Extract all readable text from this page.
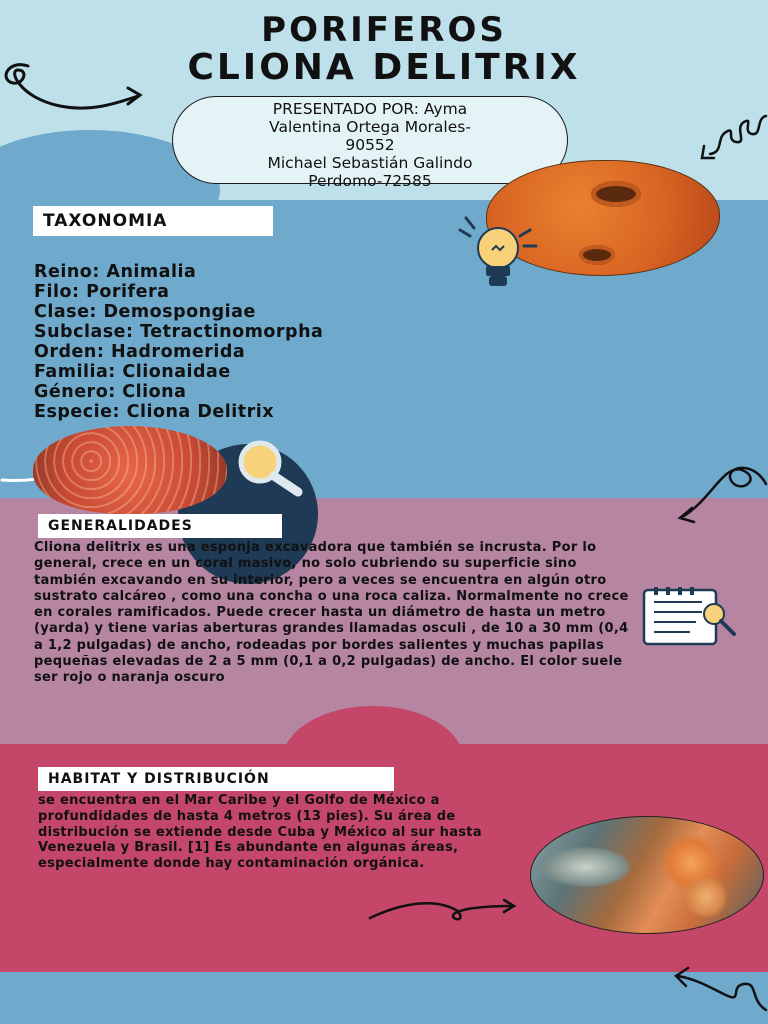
PORIFEROS
CLIONA DELITRIX
PRESENTADO POR: Ayma
Valentina Ortega Morales-
90552
Michael Sebastián Galindo
Perdomo-72585
TAXONOMIA
Reino: Animalia
Filo: Porifera
Clase: Demospongiae
Subclase: Tetractinomorpha
Orden: Hadromerida
Familia: Clionaidae
Género: Cliona
Especie: Cliona Delitrix
GENERALIDADES
Cliona delitrix es una esponja excavadora que también se incrusta. Por lo general, crece en un coral masivo, no solo cubriendo su superficie sino también excavando en su interior, pero a veces se encuentra en algún otro sustrato calcáreo , como una concha o una roca caliza. Normalmente no crece en corales ramificados. Puede crecer hasta un diámetro de hasta un metro (yarda) y tiene varias aberturas grandes llamadas osculi , de 10 a 30 mm (0,4 a 1,2 pulgadas) de ancho, rodeadas por bordes salientes y muchas papilas pequeñas elevadas de 2 a 5 mm (0,1 a 0,2 pulgadas) de ancho. El color suele ser rojo o naranja oscuro
HABITAT Y DISTRIBUCIÓN
se encuentra en el Mar Caribe y el Golfo de México a profundidades de hasta 4 metros (13 pies). Su área de distribución se extiende desde Cuba y México al sur hasta Venezuela y Brasil. [1] Es abundante en algunas áreas, especialmente donde hay contaminación orgánica.
